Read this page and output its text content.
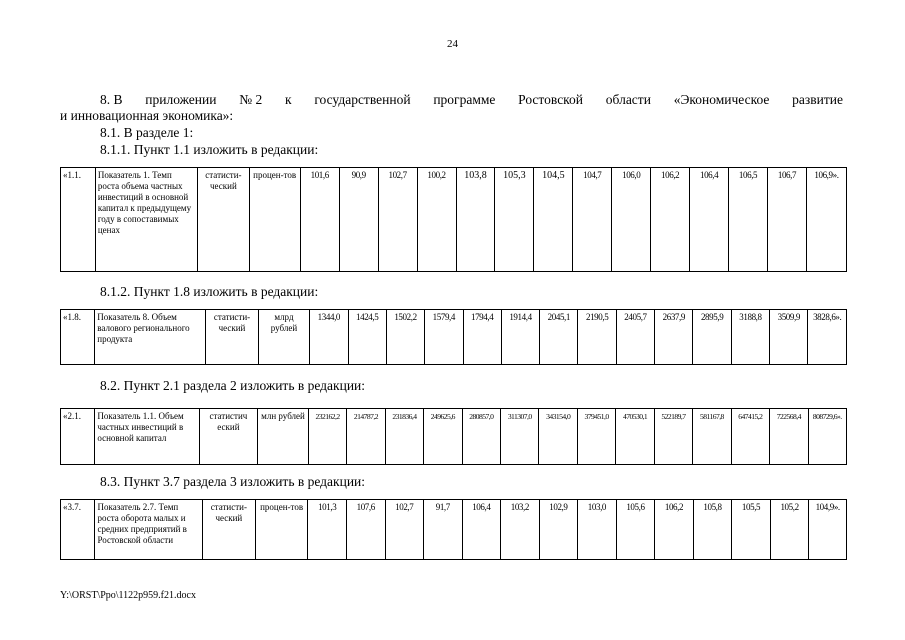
24
8. В приложении № 2 к государственной программе Ростовской области «Экономическое развитие
и инновационная экономика»:
8.1. В разделе 1:
8.1.1. Пункт 1.1 изложить в редакции:
«1.1.	Показатель 1. Темп роста объема частных инвестиций в основной капитал к предыдущему году в сопоставимых ценах	статисти-ческий	процен-тов	101,6	90,9	102,7	100,2	103,8	105,3	104,5	104,7	106,0	106,2	106,4	106,5	106,7	106,9».
8.1.2. Пункт 1.8 изложить в редакции:
«1.8.	Показатель 8. Объем валового регионального продукта	статисти-ческий	млрд рублей	1344,0	1424,5	1502,2	1579,4	1794,4	1914,4	2045,1	2190,5	2405,7	2637,9	2895,9	3188,8	3509,9	3828,6».
8.2. Пункт 2.1 раздела 2 изложить в редакции:
«2.1.	Показатель 1.1. Объем частных инвестиций в основной капитал	статистич еский	млн рублей	232162,2	214787,2	231836,4	249625,6	280857,0	311307,0	343154,0	379451,0	470530,1	522189,7	581167,8	647415,2	722568,4	808729,6».
8.3. Пункт 3.7 раздела 3 изложить в редакции:
«3.7.	Показатель 2.7. Темп роста оборота малых и средних предприятий в Ростовской области	статисти-ческий	процен-тов	101,3	107,6	102,7	91,7	106,4	103,2	102,9	103,0	105,6	106,2	105,8	105,5	105,2	104,9».
Y:\ORST\Ppo\1122p959.f21.docx
